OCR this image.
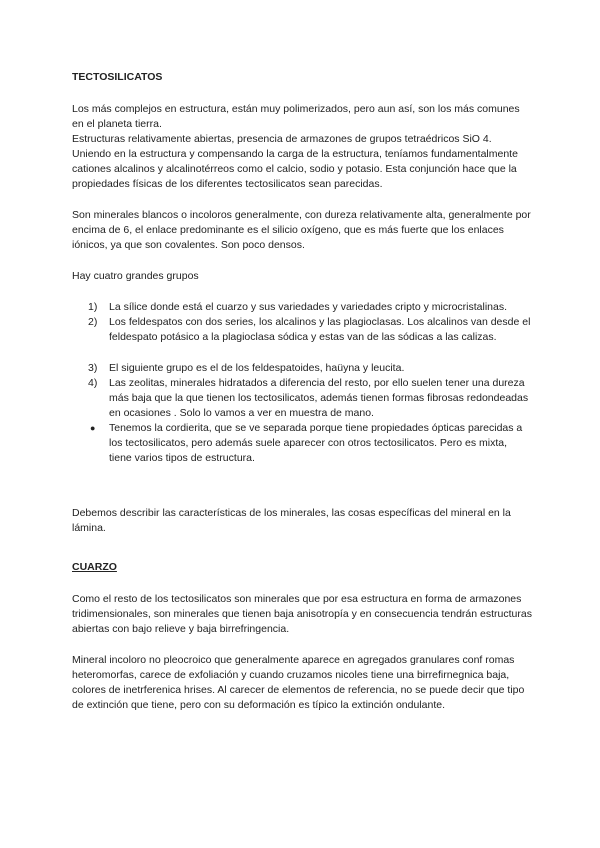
TECTOSILICATOS

Los más complejos en estructura, están muy polimerizados, pero aun así, son los más comunes en el planeta tierra.

Estructuras relativamente abiertas, presencia de armazones de grupos tetraédricos SiO 4. Uniendo en la estructura y compensando la carga de la estructura, teníamos fundamentalmente cationes alcalinos y alcalinotérreos como el calcio, sodio y potasio. Esta conjunción hace que la propiedades físicas de los diferentes tectosilicatos sean parecidas.

Son minerales blancos o incoloros generalmente, con dureza relativamente alta, generalmente por encima de 6, el enlace predominante es el silicio oxígeno, que es más fuerte que los enlaces iónicos, ya que son covalentes. Son poco densos.

Hay cuatro grandes grupos

1) La sílice donde está el cuarzo y sus variedades y variedades cripto y microcristalinas.
2) Los feldespatos con dos series, los alcalinos y las plagioclasas. Los alcalinos van desde el feldespato potásico a la plagioclasa sódica y estas van de las sódicas a las calizas.
3) El siguiente grupo es el de los feldespatoides, haüyna y leucita.
4) Las zeolitas, minerales hidratados a diferencia del resto, por ello suelen tener una dureza más baja que la que tienen los tectosilicatos, además tienen formas fibrosas redondeadas en ocasiones . Solo lo vamos a ver en muestra de mano.
● Tenemos la cordierita, que se ve separada porque tiene propiedades ópticas parecidas a los tectosilicatos, pero además suele aparecer con otros tectosilicatos. Pero es mixta, tiene varios tipos de estructura.

Debemos describir las características de los minerales, las cosas específicas del mineral en la lámina.

CUARZO

Como el resto de los tectosilicatos son minerales que por esa estructura en forma de armazones tridimensionales, son minerales que tienen baja anisotropía y en consecuencia tendrán estructuras abiertas con bajo relieve y baja birrefringencia.

Mineral incoloro no pleocroico que generalmente aparece en agregados granulares conf romas heteromorfas, carece de exfoliación y cuando cruzamos nicoles tiene una birrefirnegnica baja, colores de inetrferenica hrises. Al carecer de elementos de referencia, no se puede decir que tipo de extinción que tiene, pero con su deformación es típico la extinción ondulante.
